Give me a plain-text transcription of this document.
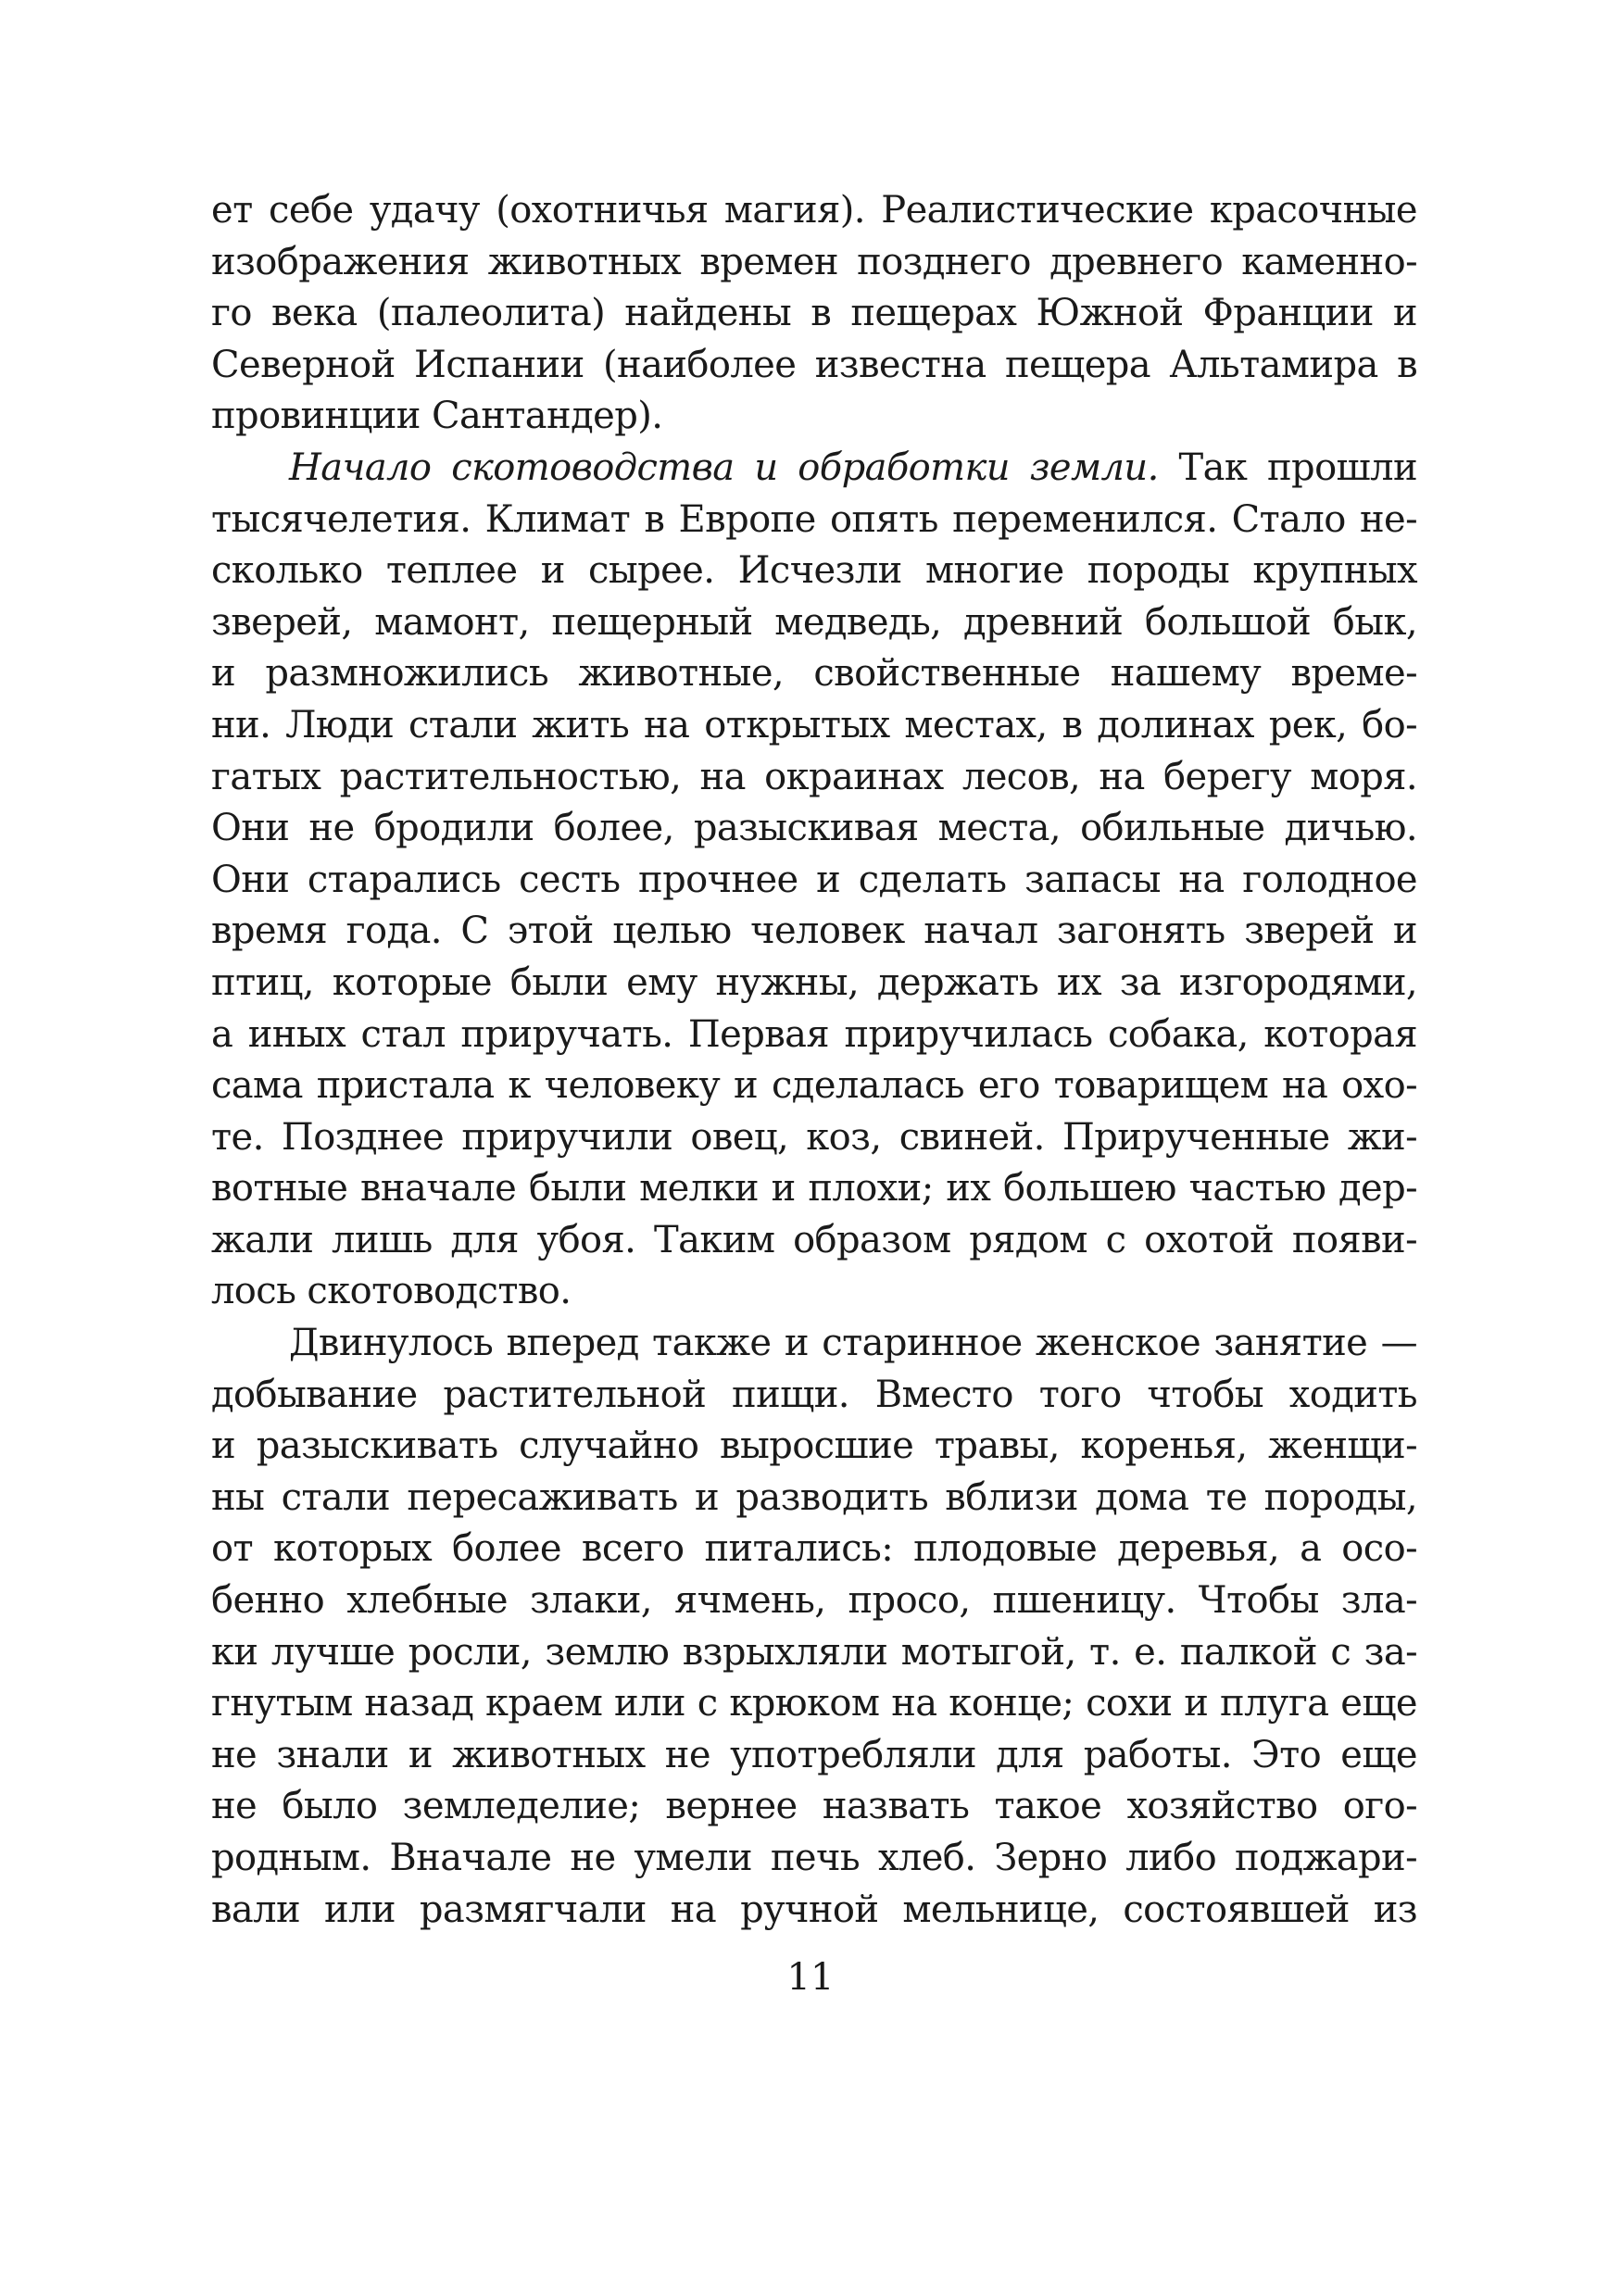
ет себе удачу (охотничья магия). Реалистические красочные
изображения животных времен позднего древнего каменно-
го века (палеолита) найдены в пещерах Южной Франции и
Северной Испании (наиболее известна пещера Альтамира в
провинции Сантандер).
Начало скотоводства и обработки земли. Так прошли
тысячелетия. Климат в Европе опять переменился. Стало не-
сколько теплее и сырее. Исчезли многие породы крупных
зверей, мамонт, пещерный медведь, древний большой бык,
и размножились животные, свойственные нашему време-
ни. Люди стали жить на открытых местах, в долинах рек, бо-
гатых растительностью, на окраинах лесов, на берегу моря.
Они не бродили более, разыскивая места, обильные дичью.
Они старались сесть прочнее и сделать запасы на голодное
время года. С этой целью человек начал загонять зверей и
птиц, которые были ему нужны, держать их за изгородями,
а иных стал приручать. Первая приручилась собака, которая
сама пристала к человеку и сделалась его товарищем на охо-
те. Позднее приручили овец, коз, свиней. Прирученные жи-
вотные вначале были мелки и плохи; их большею частью дер-
жали лишь для убоя. Таким образом рядом с охотой появи-
лось скотоводство.
Двинулось вперед также и старинное женское занятие —
добывание растительной пищи. Вместо того чтобы ходить
и разыскивать случайно выросшие травы, коренья, женщи-
ны стали пересаживать и разводить вблизи дома те породы,
от которых более всего питались: плодовые деревья, а осо-
бенно хлебные злаки, ячмень, просо, пшеницу. Чтобы зла-
ки лучше росли, землю взрыхляли мотыгой, т. е. палкой с за-
гнутым назад краем или с крюком на конце; сохи и плуга еще
не знали и животных не употребляли для работы. Это еще
не было земледелие; вернее назвать такое хозяйство ого-
родным. Вначале не умели печь хлеб. Зерно либо поджари-
вали или размягчали на ручной мельнице, состоявшей из
11
